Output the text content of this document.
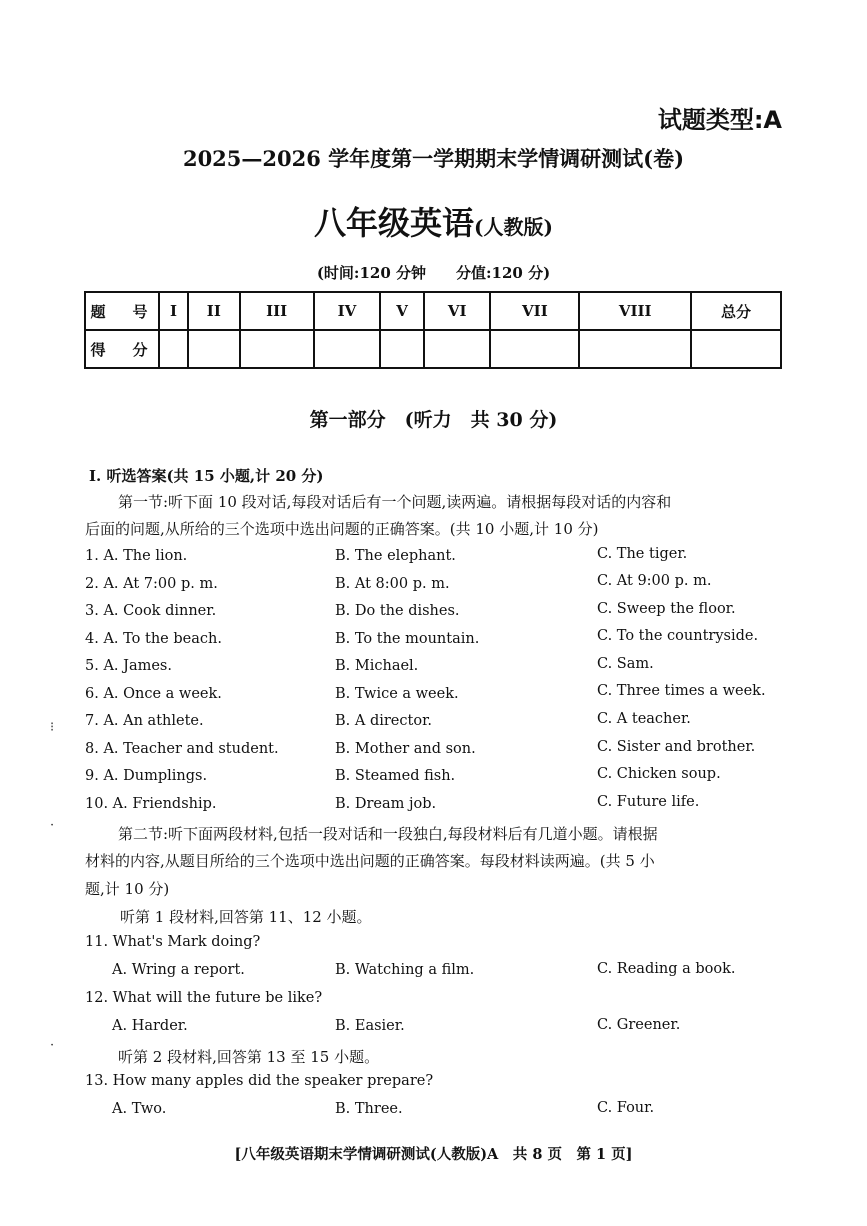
试题类型:A
2025—2026 学年度第一学期期末学情调研测试(卷)
八年级英语(人教版)
(时间:120 分钟 分值:120 分)
题　号	I	II	III	IV	V	VI	VII	VIII	总分
得　分									
第一部分　(听力　共 30 分)
I. 听选答案(共 15 小题,计 20 分)
第一节:听下面 10 段对话,每段对话后有一个问题,读两遍。请根据每段对话的内容和
后面的问题,从所给的三个选项中选出问题的正确答案。(共 10 小题,计 10 分)
1. A. The lion.	B. The elephant.	C. The tiger.
2. A. At 7:00 p. m.	B. At 8:00 p. m.	C. At 9:00 p. m.
3. A. Cook dinner.	B. Do the dishes.	C. Sweep the floor.
4. A. To the beach.	B. To the mountain.	C. To the countryside.
5. A. James.	B. Michael.	C. Sam.
6. A. Once a week.	B. Twice a week.	C. Three times a week.
7. A. An athlete.	B. A director.	C. A teacher.
8. A. Teacher and student.	B. Mother and son.	C. Sister and brother.
9. A. Dumplings.	B. Steamed fish.	C. Chicken soup.
10. A. Friendship.	B. Dream job.	C. Future life.
第二节:听下面两段材料,包括一段对话和一段独白,每段材料后有几道小题。请根据
材料的内容,从题目所给的三个选项中选出问题的正确答案。每段材料读两遍。(共 5 小
题,计 10 分)
听第 1 段材料,回答第 11、12 小题。
11. What's Mark doing?
A. Wring a report.	B. Watching a film.	C. Reading a book.
12. What will the future be like?
A. Harder.	B. Easier.	C. Greener.
听第 2 段材料,回答第 13 至 15 小题。
13. How many apples did the speaker prepare?
A. Two.	B. Three.	C. Four.
[八年级英语期末学情调研测试(人教版)A　共 8 页　第 1 页]
⁝
·
·
